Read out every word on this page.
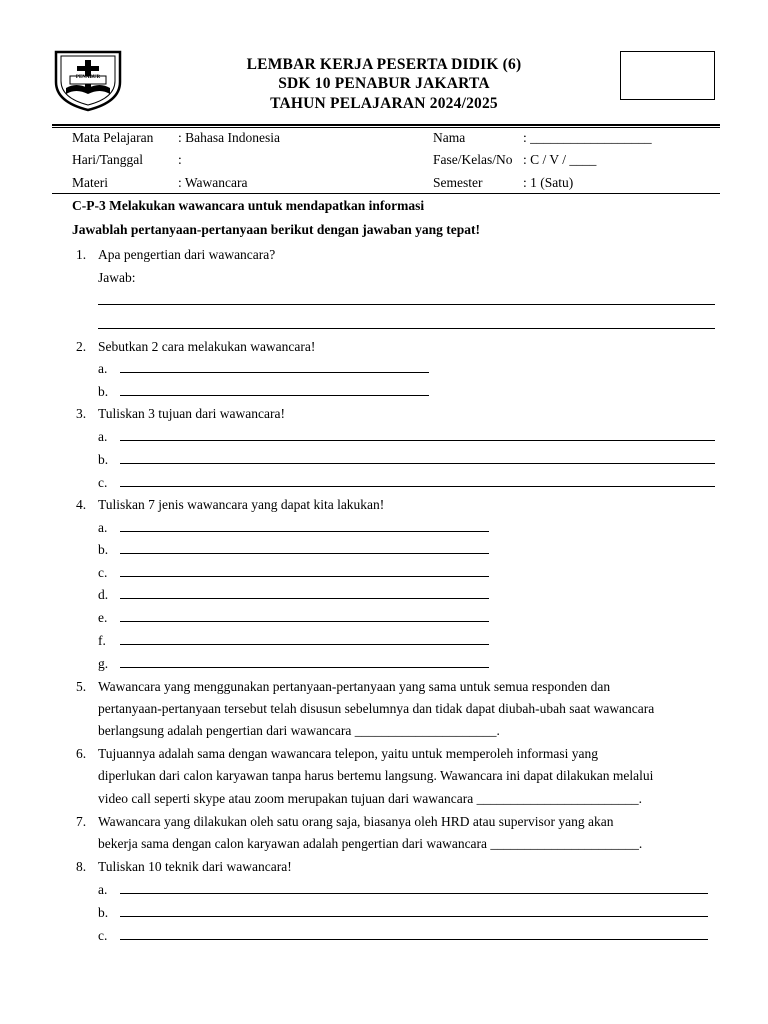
PENABUR
LEMBAR KERJA PESERTA DIDIK (6)
SDK 10 PENABUR JAKARTA
TAHUN PELAJARAN 2024/2025
Mata Pelajaran : Bahasa Indonesia	Nama	: __________________
Hari/Tanggal	:	Fase/Kelas/No : C / V / ____
Materi	: Wawancara	Semester	: 1 (Satu)
C-P-3 Melakukan wawancara untuk mendapatkan informasi
Jawablah pertanyaan-pertanyaan berikut dengan jawaban yang tepat!
1. Apa pengertian dari wawancara?
Jawab:
2. Sebutkan 2 cara melakukan wawancara!
a.
b.
3. Tuliskan 3 tujuan dari wawancara!
a.
b.
c.
4. Tuliskan 7 jenis wawancara yang dapat kita lakukan!
a.
b.
c.
d.
e.
f.
g.
5. Wawancara yang menggunakan pertanyaan-pertanyaan yang sama untuk semua responden dan
pertanyaan-pertanyaan tersebut telah disusun sebelumnya dan tidak dapat diubah-ubah saat wawancara
berlangsung adalah pengertian dari wawancara _____________________.
6. Tujuannya adalah sama dengan wawancara telepon, yaitu untuk memperoleh informasi yang
diperlukan dari calon karyawan tanpa harus bertemu langsung. Wawancara ini dapat dilakukan melalui
video call seperti skype atau zoom merupakan tujuan dari wawancara ________________________.
7. Wawancara yang dilakukan oleh satu orang saja, biasanya oleh HRD atau supervisor yang akan
bekerja sama dengan calon karyawan adalah pengertian dari wawancara ______________________.
8. Tuliskan 10 teknik dari wawancara!
a.
b.
c.
